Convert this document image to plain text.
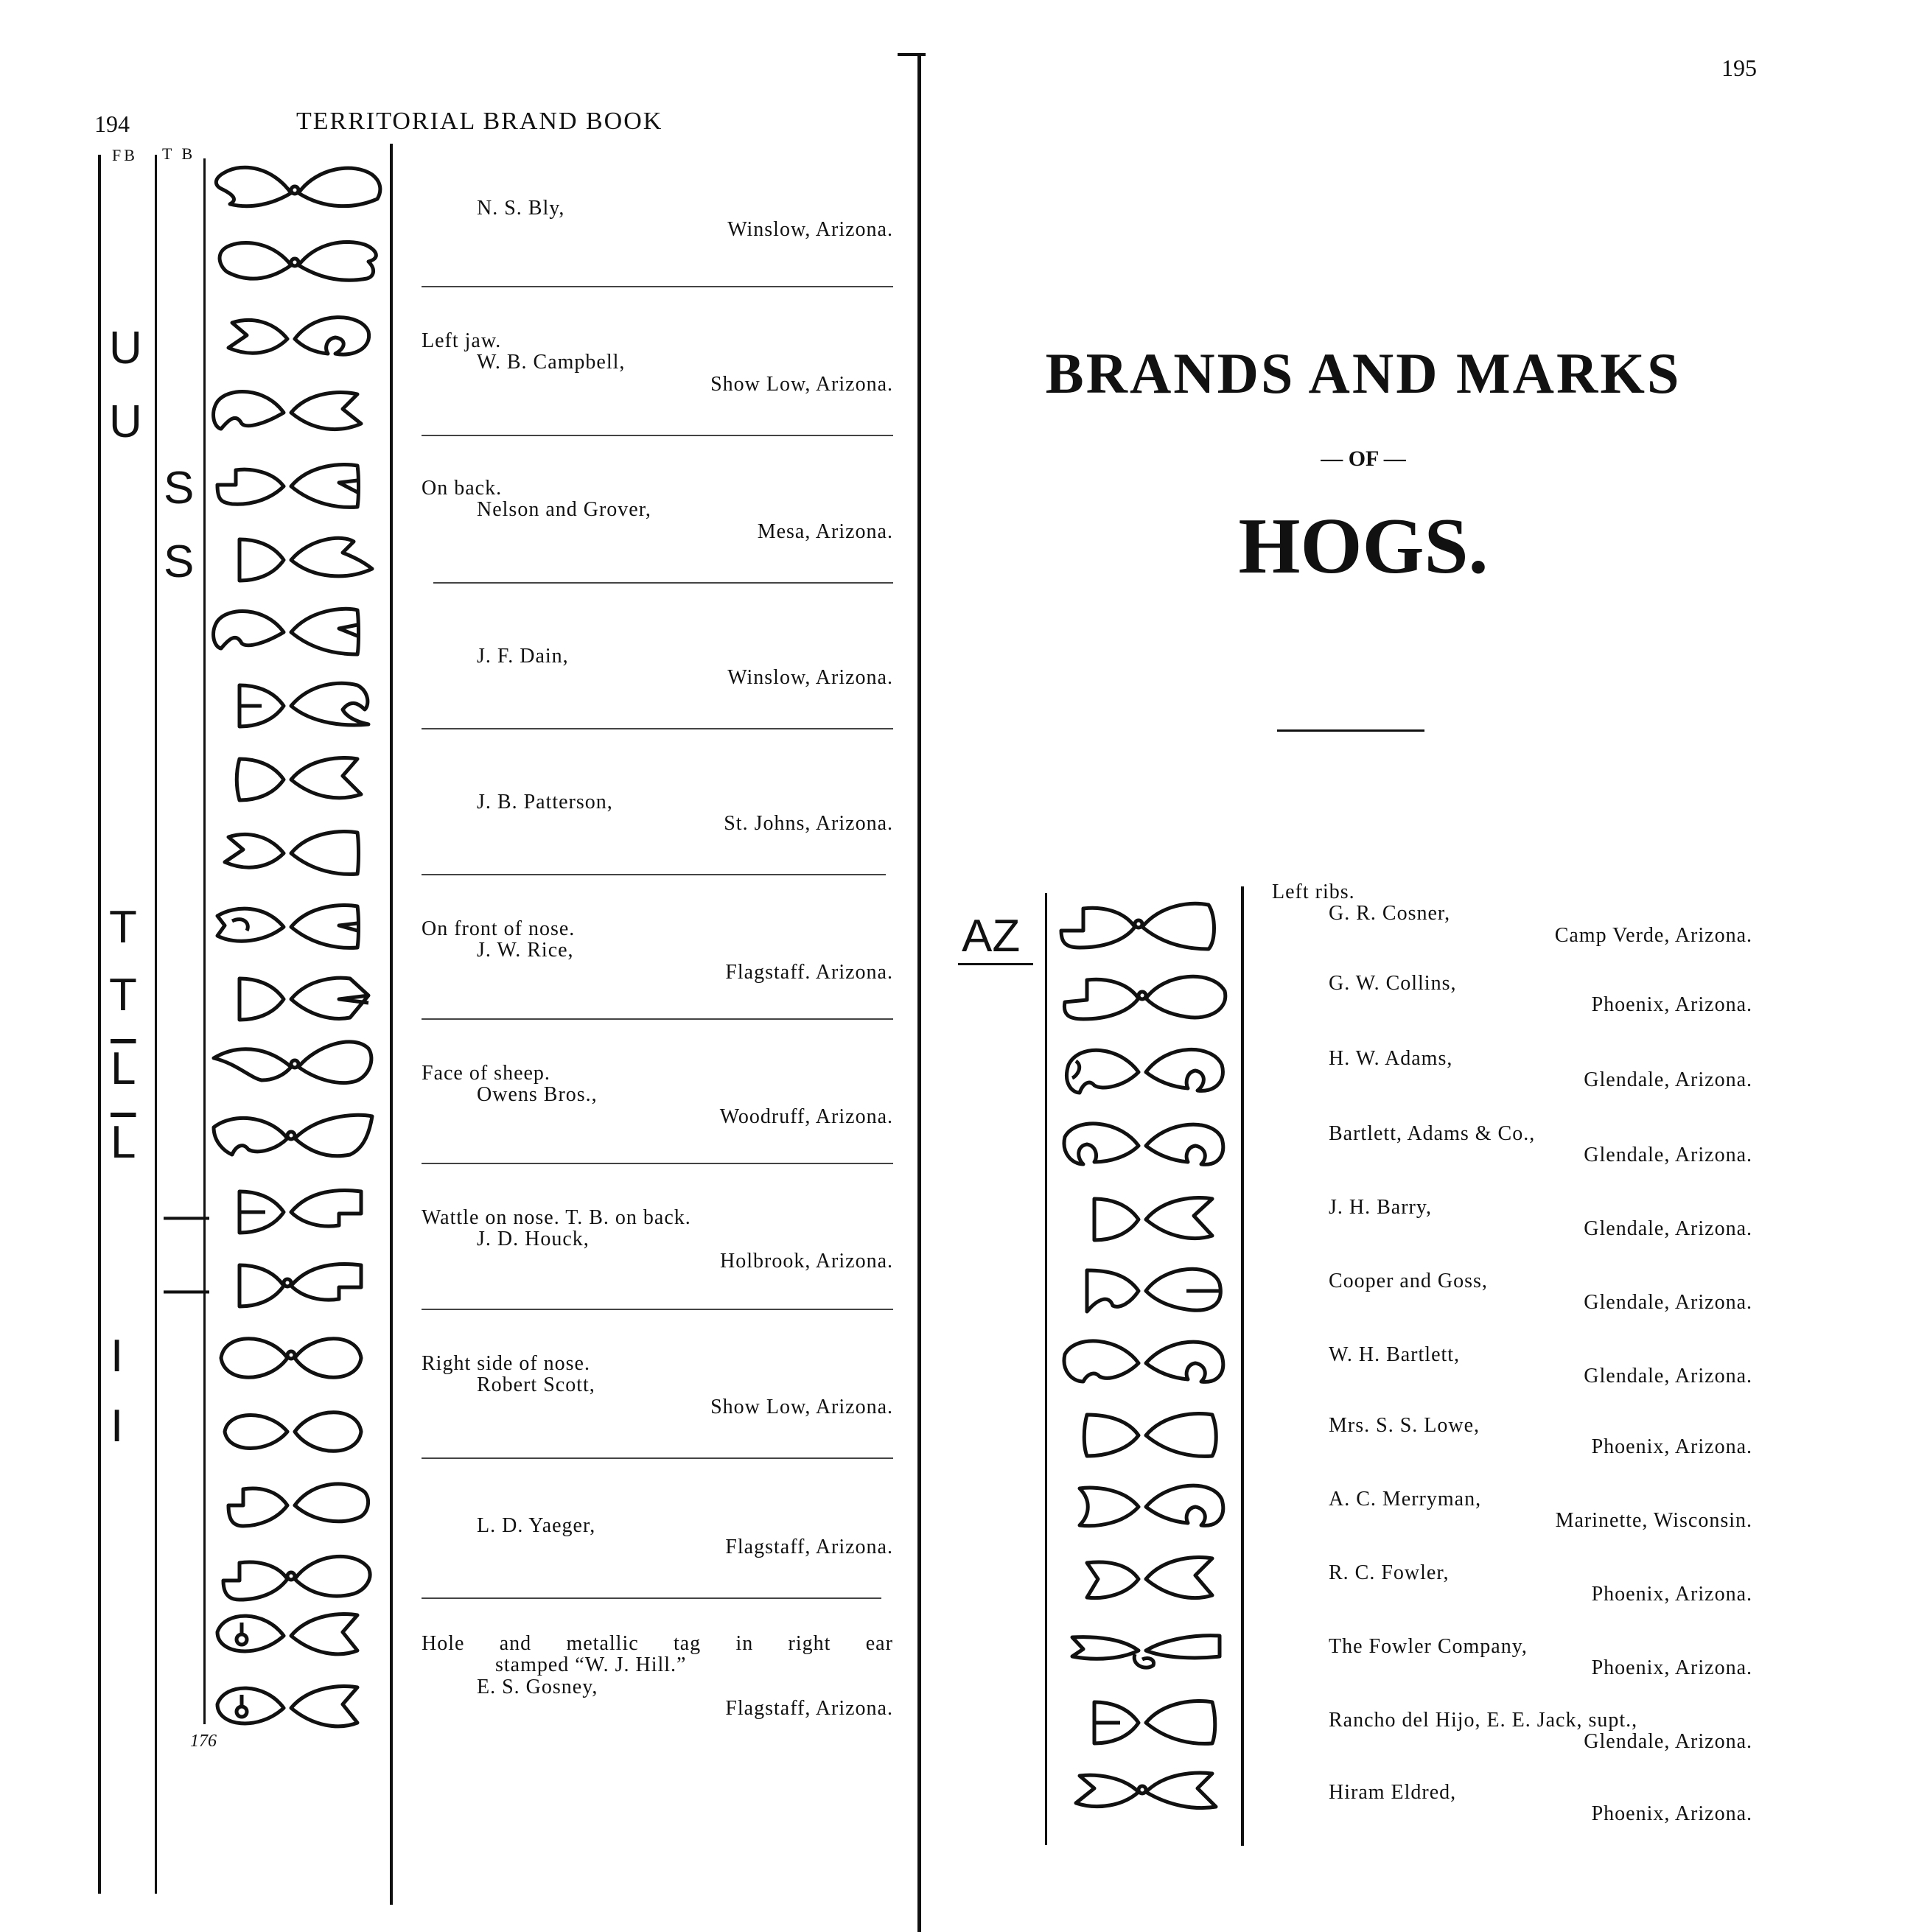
194	TERRITORIAL BRAND BOOK
FB T B
U
U
T
T
$\overline{L}$
$\overline{L}$
I
I
S
S
—
—
176
N. S. Bly,
Winslow, Arizona.
Left jaw.
W. B. Campbell,
Show Low, Arizona.
On back.
Nelson and Grover,
Mesa, Arizona.
J. F. Dain,
Winslow, Arizona.
J. B. Patterson,
St. Johns, Arizona.
On front of nose.
J. W. Rice,
Flagstaff. Arizona.
Face of sheep.
Owens Bros.,
Woodruff, Arizona.
Wattle on nose. T. B. on back.
J. D. Houck,
Holbrook, Arizona.
Right side of nose.
Robert Scott,
Show Low, Arizona.
L. D. Yaeger,
Flagstaff, Arizona.
Hole and metallic tag in right ear
stamped “W. J. Hill.”
E. S. Gosney,
Flagstaff, Arizona.
195
BRANDS AND MARKS
— OF —
HOGS.
AZ
Left ribs.
G. R. Cosner,
Camp Verde, Arizona.
G. W. Collins,
Phoenix, Arizona.
H. W. Adams,
Glendale, Arizona.
Bartlett, Adams & Co.,
Glendale, Arizona.
J. H. Barry,
Glendale, Arizona.
Cooper and Goss,
Glendale, Arizona.
W. H. Bartlett,
Glendale, Arizona.
Mrs. S. S. Lowe,
Phoenix, Arizona.
A. C. Merryman,
Marinette, Wisconsin.
R. C. Fowler,
Phoenix, Arizona.
The Fowler Company,
Phoenix, Arizona.
Rancho del Hijo, E. E. Jack, supt.,
Glendale, Arizona.
Hiram Eldred,
Phoenix, Arizona.
